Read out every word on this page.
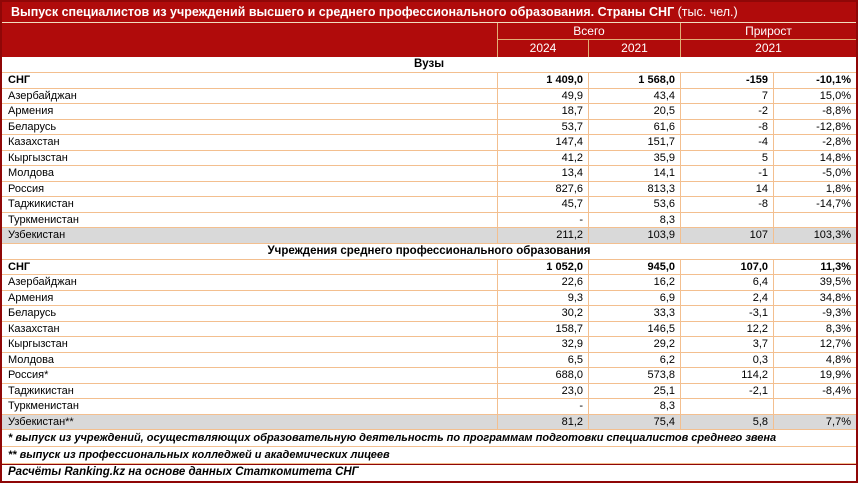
Выпуск специалистов из учреждений высшего и среднего профессионального образования. Страны СНГ (тыс. чел.)
Всего	Прирост
2024	2021	2021
Вузы
СНГ	1 409,0	1 568,0	-159	-10,1%
Азербайджан	49,9	43,4	7	15,0%
Армения	18,7	20,5	-2	-8,8%
Беларусь	53,7	61,6	-8	-12,8%
Казахстан	147,4	151,7	-4	-2,8%
Кыргызстан	41,2	35,9	5	14,8%
Молдова	13,4	14,1	-1	-5,0%
Россия	827,6	813,3	14	1,8%
Таджикистан	45,7	53,6	-8	-14,7%
Туркменистан	-	8,3
Узбекистан	211,2	103,9	107	103,3%
Учреждения среднего профессионального образования
СНГ	1 052,0	945,0	107,0	11,3%
Азербайджан	22,6	16,2	6,4	39,5%
Армения	9,3	6,9	2,4	34,8%
Беларусь	30,2	33,3	-3,1	-9,3%
Казахстан	158,7	146,5	12,2	8,3%
Кыргызстан	32,9	29,2	3,7	12,7%
Молдова	6,5	6,2	0,3	4,8%
Россия*	688,0	573,8	114,2	19,9%
Таджикистан	23,0	25,1	-2,1	-8,4%
Туркменистан	-	8,3
Узбекистан**	81,2	75,4	5,8	7,7%
* выпуск из учреждений, осуществляющих образовательную деятельность по программам подготовки специалистов среднего звена
** выпуск из профессиональных колледжей и академических лицеев
Расчёты Ranking.kz на основе данных Статкомитета СНГ
